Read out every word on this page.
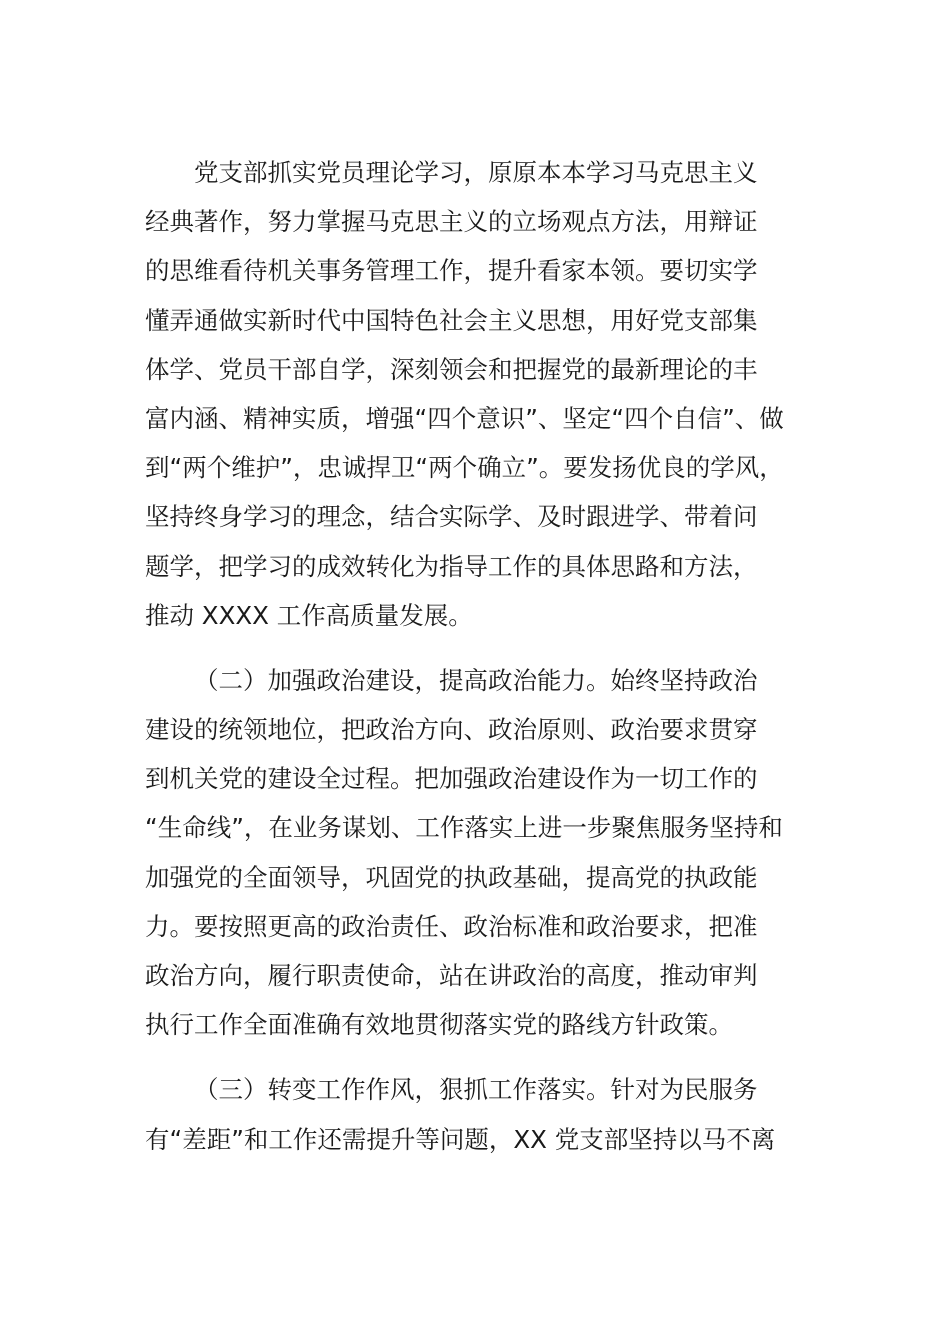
党支部抓实党员理论学习，原原本本学习马克思主义
经典著作，努力掌握马克思主义的立场观点方法，用辩证
的思维看待机关事务管理工作，提升看家本领。要切实学
懂弄通做实新时代中国特色社会主义思想，用好党支部集
体学、党员干部自学，深刻领会和把握党的最新理论的丰
富内涵、精神实质，增强“四个意识”、坚定“四个自信”、做
到“两个维护”，忠诚捍卫“两个确立”。要发扬优良的学风，
坚持终身学习的理念，结合实际学、及时跟进学、带着问
题学，把学习的成效转化为指导工作的具体思路和方法，
推动 XXXX 工作高质量发展。

（二）加强政治建设，提高政治能力。始终坚持政治
建设的统领地位，把政治方向、政治原则、政治要求贯穿
到机关党的建设全过程。把加强政治建设作为一切工作的
“生命线”，在业务谋划、工作落实上进一步聚焦服务坚持和
加强党的全面领导，巩固党的执政基础，提高党的执政能
力。要按照更高的政治责任、政治标准和政治要求，把准
政治方向，履行职责使命，站在讲政治的高度，推动审判
执行工作全面准确有效地贯彻落实党的路线方针政策。

（三）转变工作作风，狠抓工作落实。针对为民服务
有“差距”和工作还需提升等问题，XX 党支部坚持以马不离
